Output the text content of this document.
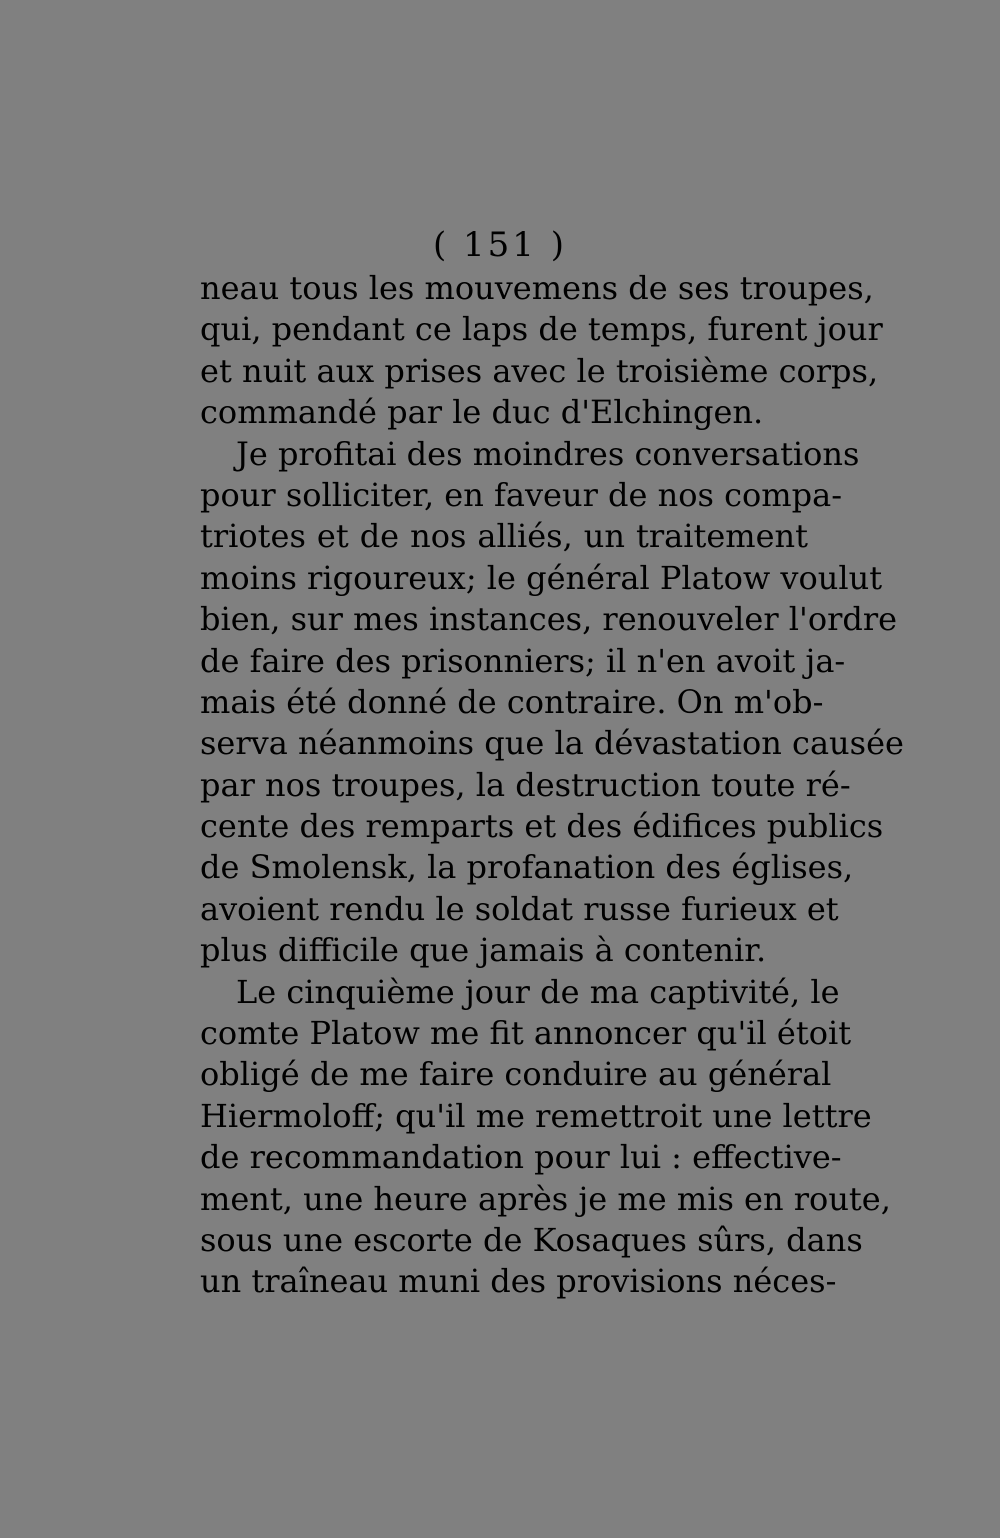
( 151 )
neau tous les mouvemens de ses troupes,
qui, pendant ce laps de temps, furent jour
et nuit aux prises avec le troisième corps,
commandé par le duc d'Elchingen.
Je profitai des moindres conversations
pour solliciter, en faveur de nos compa-
triotes et de nos alliés, un traitement
moins rigoureux; le général Platow voulut
bien, sur mes instances, renouveler l'ordre
de faire des prisonniers; il n'en avoit ja-
mais été donné de contraire. On m'ob-
serva néanmoins que la dévastation causée
par nos troupes, la destruction toute ré-
cente des remparts et des édifices publics
de Smolensk, la profanation des églises,
avoient rendu le soldat russe furieux et
plus difficile que jamais à contenir.
Le cinquième jour de ma captivité, le
comte Platow me fit annoncer qu'il étoit
obligé de me faire conduire au général
Hiermoloff; qu'il me remettroit une lettre
de recommandation pour lui : effective-
ment, une heure après je me mis en route,
sous une escorte de Kosaques sûrs, dans
un traîneau muni des provisions néces-
